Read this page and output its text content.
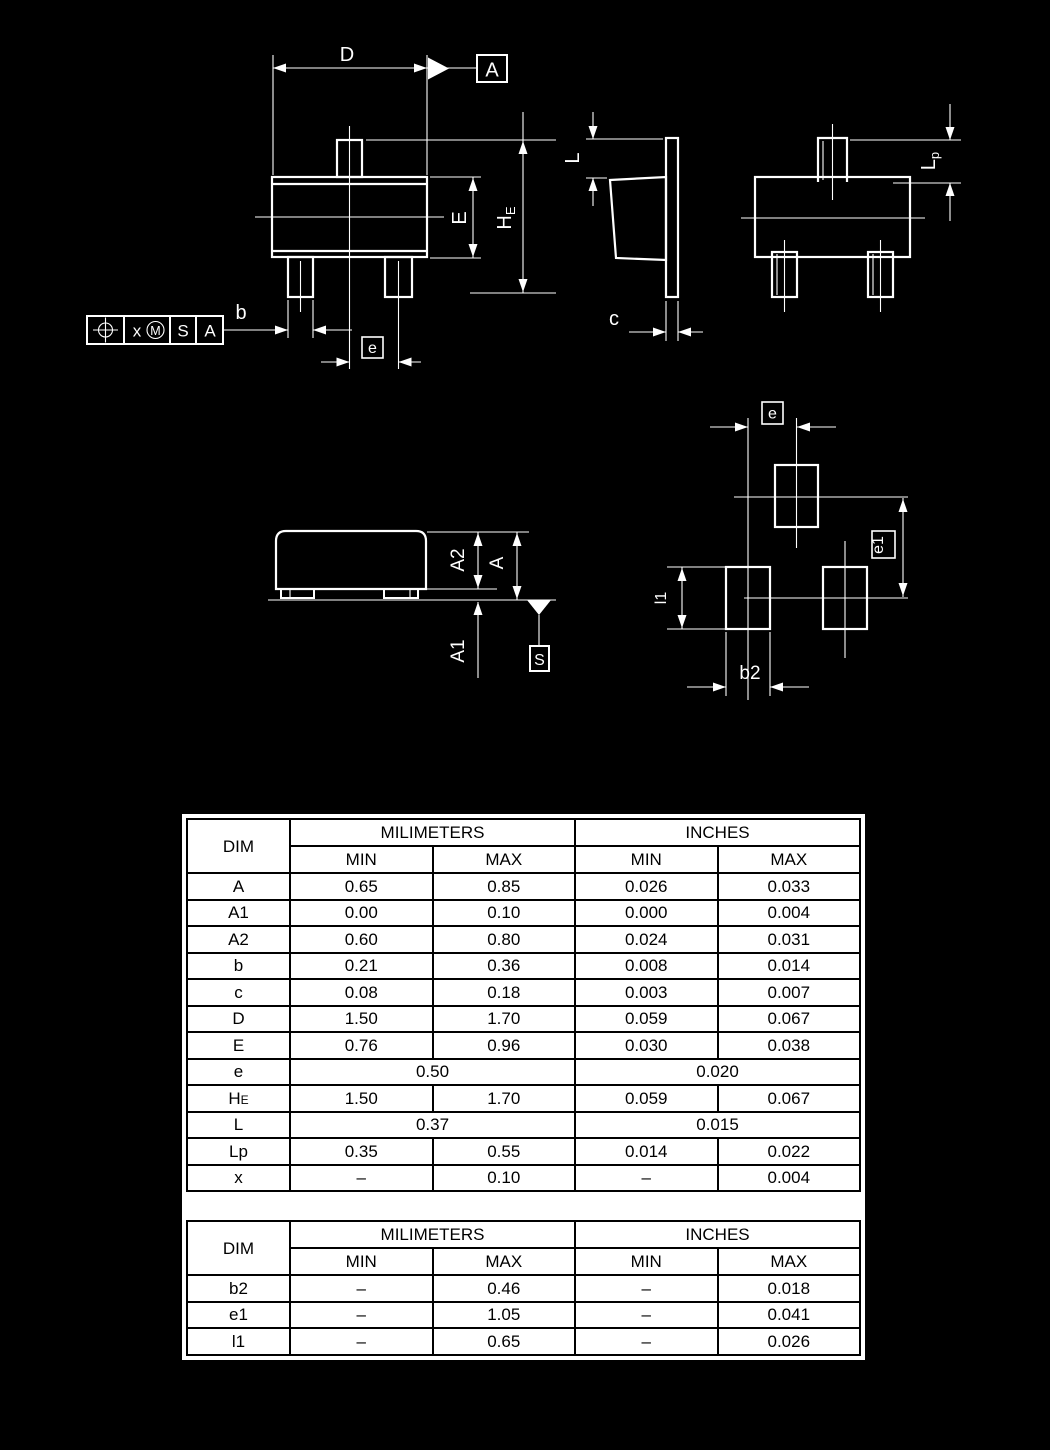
D
A
E $H_E$
b
e
x M S A
L
c
$L_p$
A2 A
A1	S
e
e1
l1
b2
DIM	MILIMETERS		INCHES	
	MIN	MAX	MIN	MAX
A	0.65	0.85	0.026	0.033
A1	0.00	0.10	0.000	0.004
A2	0.60	0.80	0.024	0.031
b	0.21	0.36	0.008	0.014
c	0.08	0.18	0.003	0.007
D	1.50	1.70	0.059	0.067
E	0.76	0.96	0.030	0.038
e	0.50		0.020	
HE	1.50	1.70	0.059	0.067
L	0.37		0.015	
Lp	0.35	0.55	0.014	0.022
x	–	0.10	–	0.004
DIM	MILIMETERS		INCHES	
	MIN	MAX	MIN	MAX
b2	–	0.46	–	0.018
e1	–	1.05	–	0.041
l1	–	0.65	–	0.026
